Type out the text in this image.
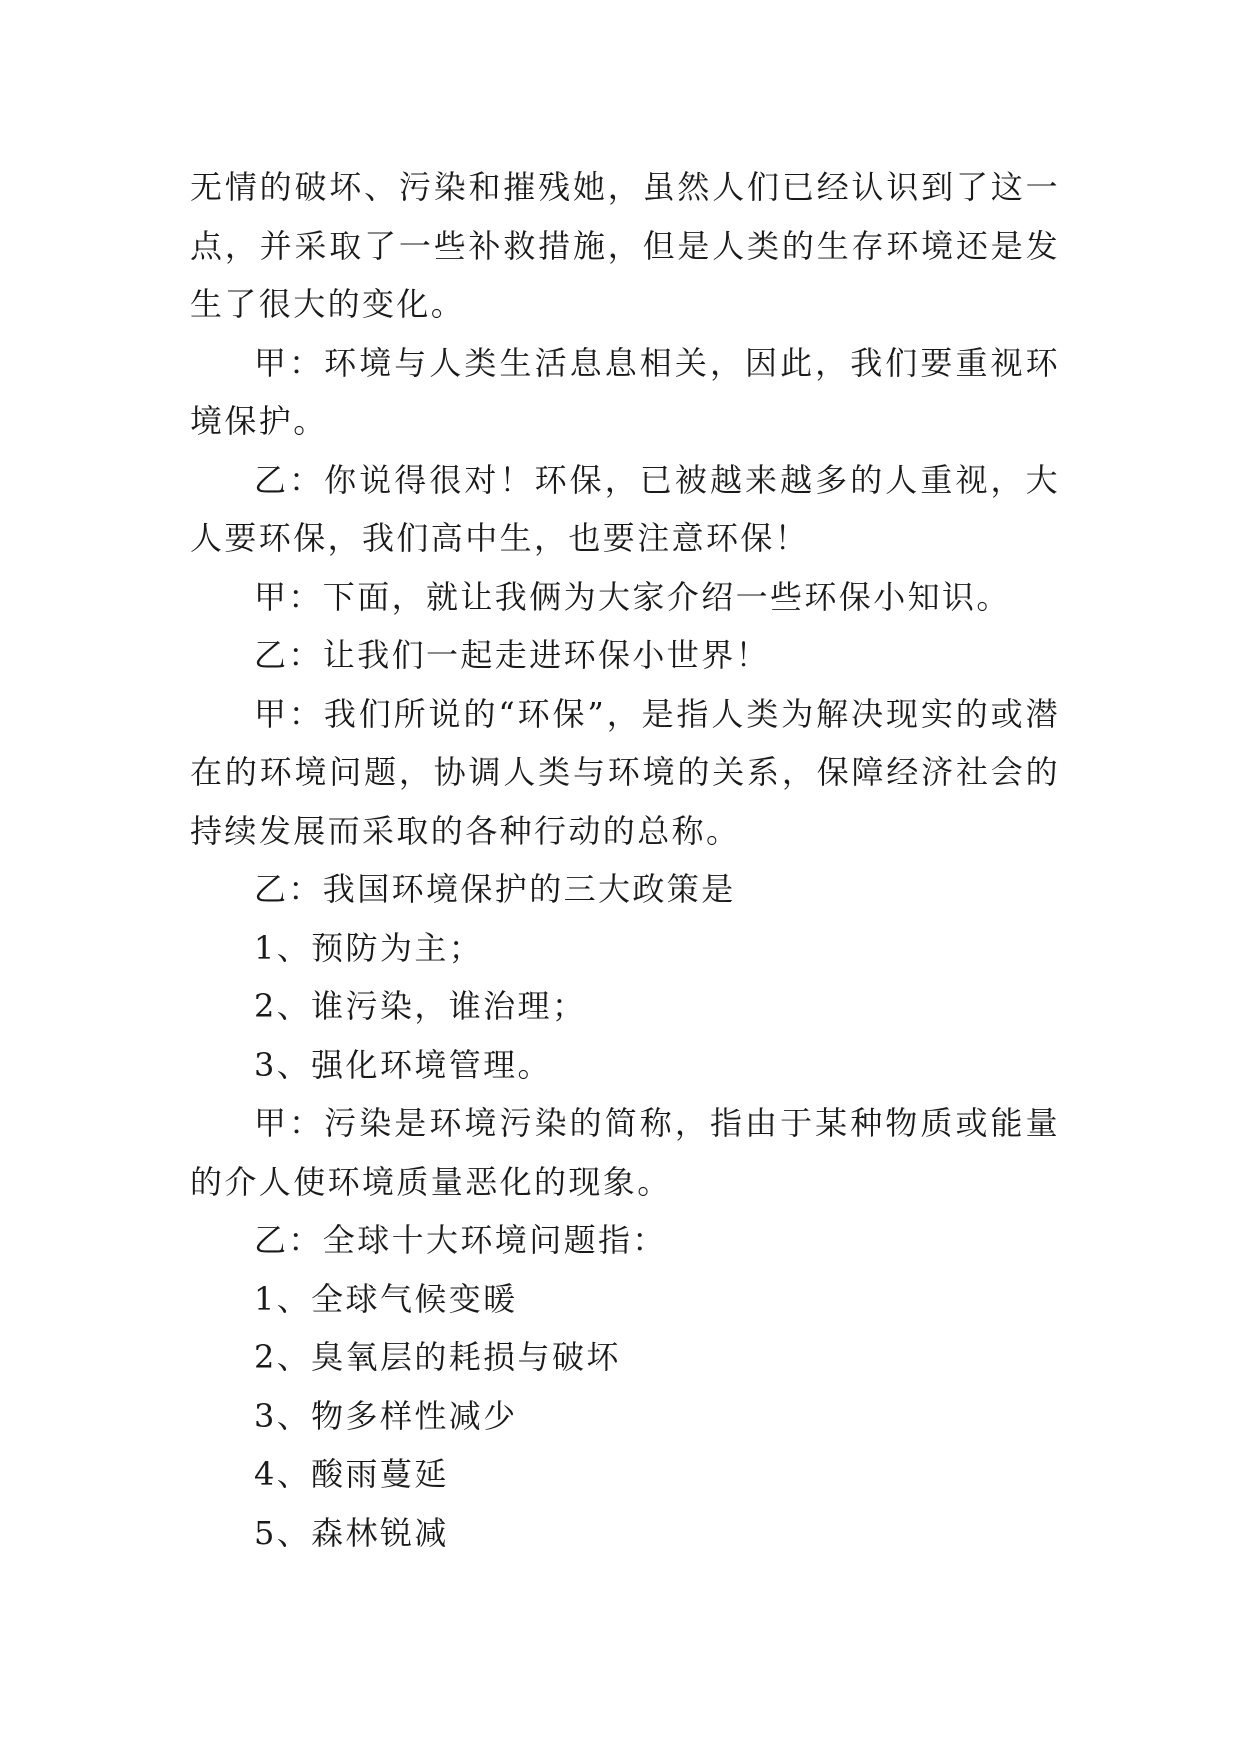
无情的破坏、污染和摧残她，虽然人们已经认识到了这一点，并采取了一些补救措施，但是人类的生存环境还是发生了很大的变化。

甲：环境与人类生活息息相关，因此，我们要重视环境保护。

乙：你说得很对！环保，已被越来越多的人重视，大人要环保，我们高中生，也要注意环保！

甲：下面，就让我俩为大家介绍一些环保小知识。

乙：让我们一起走进环保小世界！

甲：我们所说的“环保”，是指人类为解决现实的或潜在的环境问题，协调人类与环境的关系，保障经济社会的持续发展而采取的各种行动的总称。

乙：我国环境保护的三大政策是

1、预防为主；

2、谁污染，谁治理；

3、强化环境管理。

甲：污染是环境污染的简称，指由于某种物质或能量的介人使环境质量恶化的现象。

乙：全球十大环境问题指：

1、全球气候变暖

2、臭氧层的耗损与破坏

3、物多样性减少

4、酸雨蔓延

5、森林锐减
